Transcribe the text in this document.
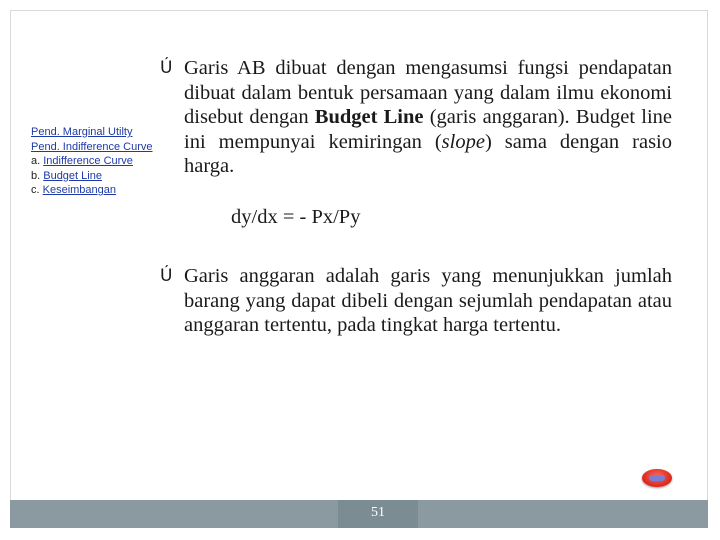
Pend. Marginal Utilty
Pend. Indifference Curve
a. Indifference Curve
b. Budget Line
c. Keseimbangan
Ú Garis AB dibuat dengan mengasumsi fungsi pendapatan dibuat dalam bentuk persamaan yang dalam ilmu ekonomi disebut dengan Budget Line (garis anggaran). Budget line ini mempunyai kemiringan (slope) sama dengan rasio harga.
dy/dx = - Px/Py
Ú Garis anggaran adalah garis yang menunjukkan jumlah barang yang dapat dibeli dengan sejumlah pendapatan atau anggaran tertentu, pada tingkat harga tertentu.
51
